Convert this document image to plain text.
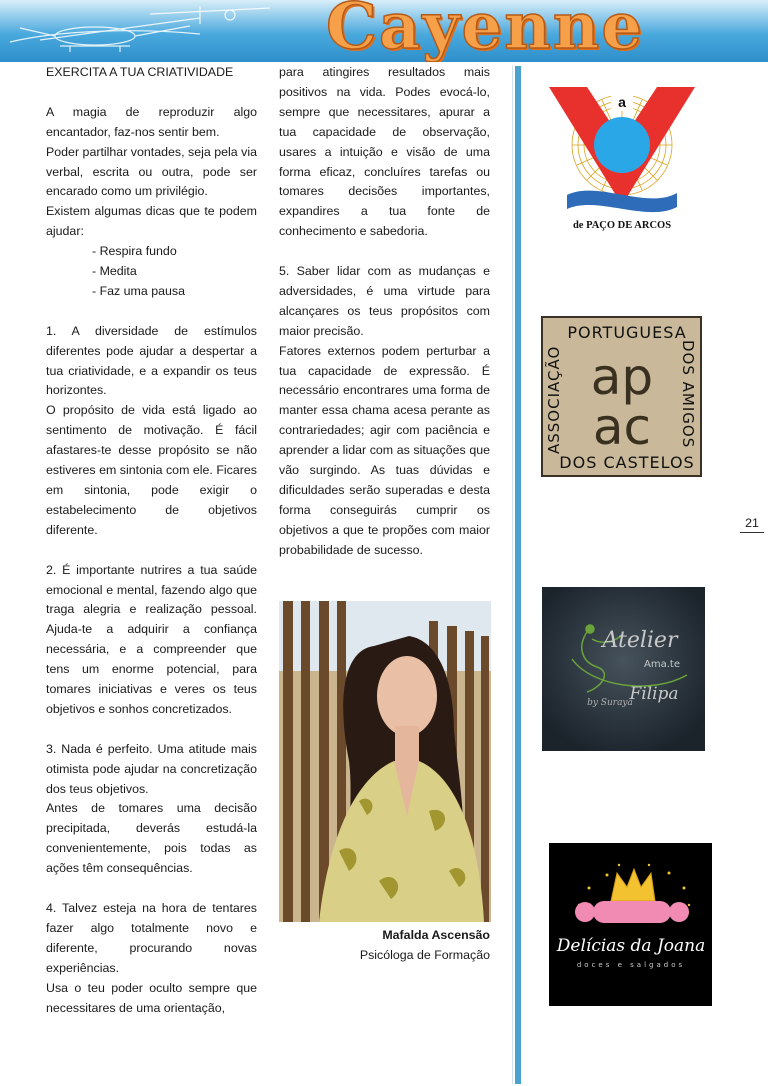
Cayenne

EXERCITA A TUA CRIATIVIDADE

A magia de reproduzir algo encantador, faz-nos sentir bem.

Poder partilhar vontades, seja pela via verbal, escrita ou outra, pode ser encarado como um privilégio.

Existem algumas dicas que te podem ajudar:

- Respira fundo

- Medita

- Faz uma pausa

1. A diversidade de estímulos diferentes pode ajudar a despertar a tua criatividade, e a expandir os teus horizontes.

O propósito de vida está ligado ao sentimento de motivação. É fácil afastares-te desse propósito se não estiveres em sintonia com ele. Ficares em sintonia, pode exigir o estabelecimento de objetivos diferente.

2. É importante nutrires a tua saúde emocional e mental, fazendo algo que traga alegria e realização pessoal. Ajuda-te a adquirir a confiança necessária, e a compreender que tens um enorme potencial, para tomares iniciativas e veres os teus objetivos e sonhos concretizados.

3. Nada é perfeito. Uma atitude mais otimista pode ajudar na concretização dos teus objetivos.

Antes de tomares uma decisão precipitada, deverás estudá-la convenientemente, pois todas as ações têm consequências.

4. Talvez esteja na hora de tentares fazer algo totalmente novo e diferente, procurando novas experiências.

Usa o teu poder oculto sempre que necessitares de uma orientação,

para atingires resultados mais positivos na vida. Podes evocá-lo, sempre que necessitares, apurar a tua capacidade de observação, usares a intuição e visão de uma forma eficaz, concluíres tarefas ou tomares decisões importantes, expandires a tua fonte de conhecimento e sabedoria.

5. Saber lidar com as mudanças e adversidades, é uma virtude para alcançares os teus propósitos com maior precisão.

Fatores externos podem perturbar a tua capacidade de expressão. É necessário encontrares uma forma de manter essa chama acesa perante as contrariedades; agir com paciência e aprender a lidar com as situações que vão surgindo. As tuas dúvidas e dificuldades serão superadas e desta forma conseguirás cumprir os objetivos a que te propões com maior probabilidade de sucesso.

Mafalda Ascensão
Psicóloga de Formação
21
a
de PAÇO DE ARCOS
PORTUGUESA
DOS CASTELOS
ASSOCIAÇÃO	DOS AMIGOS
ap
ac
Atelier
Ama.te
by Suraya
Filipa
Delícias da Joana
doces e salgados
